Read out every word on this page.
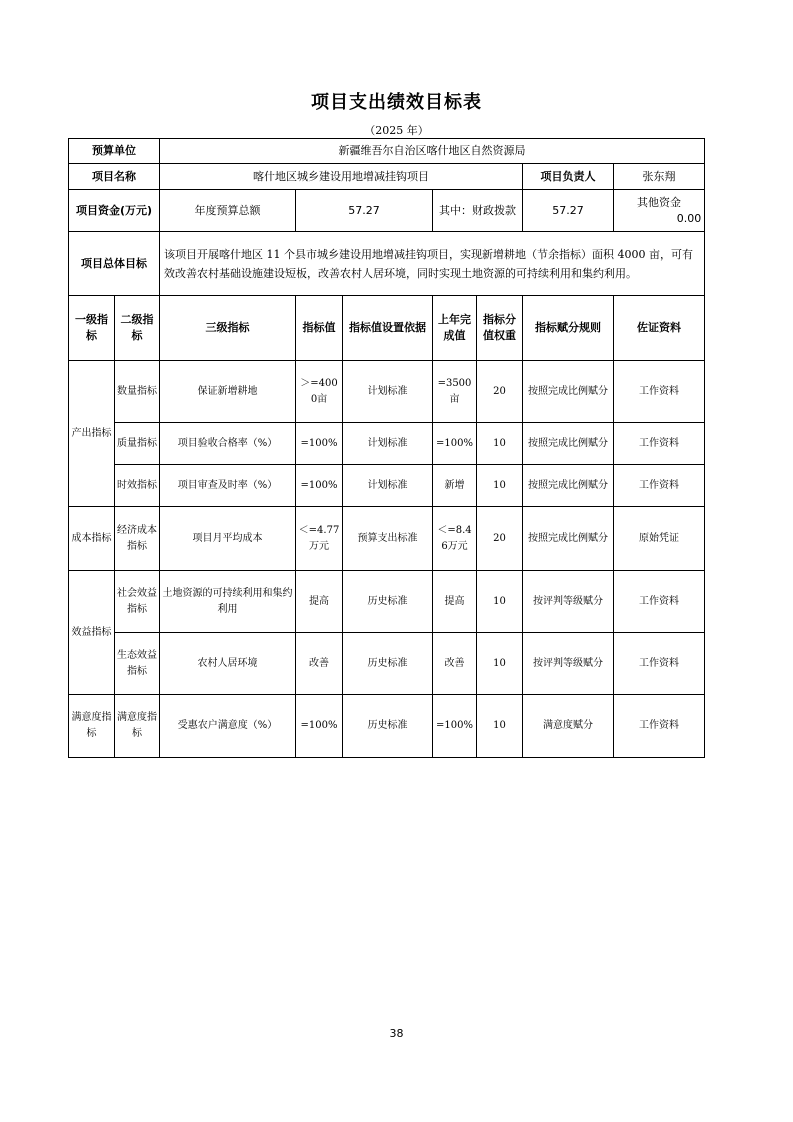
项目支出绩效目标表
（2025 年）
预算单位		新疆维吾尔自治区喀什地区自然资源局						
项目名称		喀什地区城乡建设用地增减挂钩项目					项目负责人	张东翔
项目资金(万元)		年度预算总额	57.27		其中：财政拨款		57.27	其他资金0.00
项目总体目标		该项目开展喀什地区 11 个县市城乡建设用地增减挂钩项目，实现新增耕地（节余指标）面积 4000 亩，可有效改善农村基础设施建设短板，改善农村人居环境，同时实现土地资源的可持续利用和集约利用。						
一级指标	二级指标	三级指标	指标值	指标值设置依据	上年完成值	指标分值权重	指标赋分规则	佐证资料
产出指标	数量指标	保证新增耕地	＞=4000亩	计划标准	=3500亩	20	按照完成比例赋分	工作资料
	质量指标	项目验收合格率（%）	=100%	计划标准	=100%	10	按照完成比例赋分	工作资料
	时效指标	项目审查及时率（%）	=100%	计划标准	新增	10	按照完成比例赋分	工作资料
成本指标	经济成本指标	项目月平均成本	＜=4.77万元	预算支出标准	＜=8.46万元	20	按照完成比例赋分	原始凭证
效益指标	社会效益指标	土地资源的可持续利用和集约利用	提高	历史标准	提高	10	按评判等级赋分	工作资料
	生态效益指标	农村人居环境	改善	历史标准	改善	10	按评判等级赋分	工作资料
满意度指标	满意度指标	受惠农户满意度（%）	=100%	历史标准	=100%	10	满意度赋分	工作资料
38
